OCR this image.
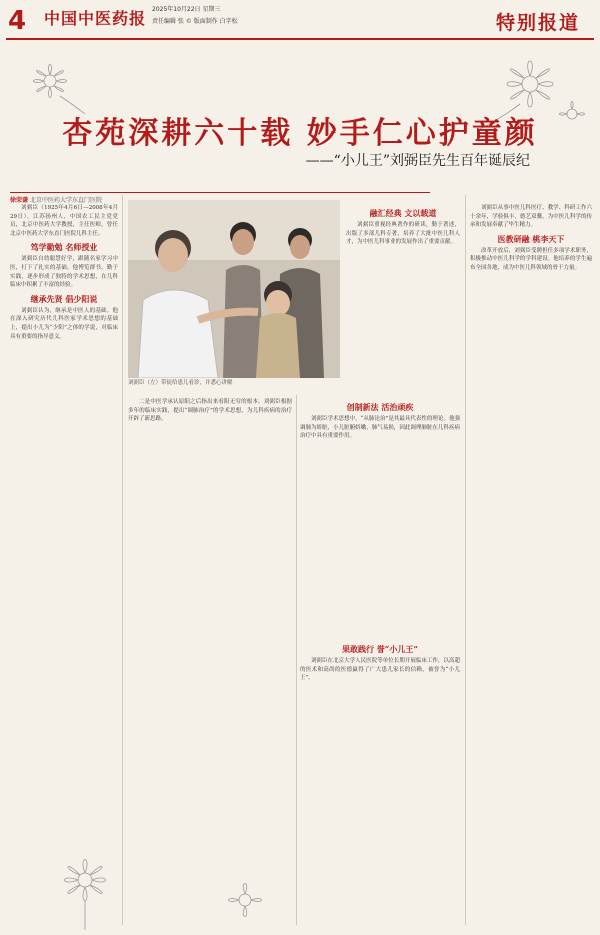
4 中国中医药报 2025年10月22日 星期三
责任编辑 张 © 版面制作 白字松	特别报道
杏苑深耕六十载 妙手仁心护童颜
——“小儿王”刘弼臣先生百年诞辰纪
徐荣谦 北京中医药大学东直门医院
刘弼臣（左）带徒给患儿看诊，并悉心讲解

刘弼臣（1925年4月6日—2008年4月29日），江苏扬州人，中国农工民主党党员，北京中医药大学教授，主任医师，曾任北京中医药大学东直门医院儿科主任。

笃学勤勉 名师授业

刘弼臣自幼聪慧好学，跟随名家学习中医，打下了扎实的基础。他博览群书，勤于实践，逐步形成了独特的学术思想，在儿科临床中积累了丰富的经验。

继承先贤 倡少阳说

刘弼臣认为，继承是中医人的基础。他在深入研究历代儿科医家学术思想的基础上，提出小儿为“少阳”之体的学说，对临床具有重要的指导意义。

二是中医学承认原阳之后指出来看阳无穷的根本，刘弼臣根据多年的临床实践，提出“调肺治疗”的学术思想，为儿科疾病的治疗开辟了新思路。

创制新法 活治顽疾

刘弼臣学术思想中，“从肺论治”是其最具代表性的理论。他强调肺为娇脏，小儿脏腑娇嫩，肺气易损，因此调理肺脏在儿科疾病治疗中具有重要作用。

融汇经典 文以载道

刘弼臣重视经典著作的研读，勤于著述，出版了多部儿科专著，培养了大批中医儿科人才，为中医儿科事业的发展作出了重要贡献。

果敢践行 誉“小儿王”

刘弼臣在北京大学人民医院等单位长期开展临床工作，以高超的医术和高尚的医德赢得了广大患儿家长的信赖，被誉为“小儿王”。

刘弼臣从事中医儿科医疗、教学、科研工作六十余年，学验俱丰，德艺双馨，为中医儿科学的传承和发展奉献了毕生精力。

医教研融 桃李天下

改革开放后，刘弼臣受聘担任多项学术职务，积极推动中医儿科学的学科建设。他培养的学生遍布全国各地，成为中医儿科领域的骨干力量。
